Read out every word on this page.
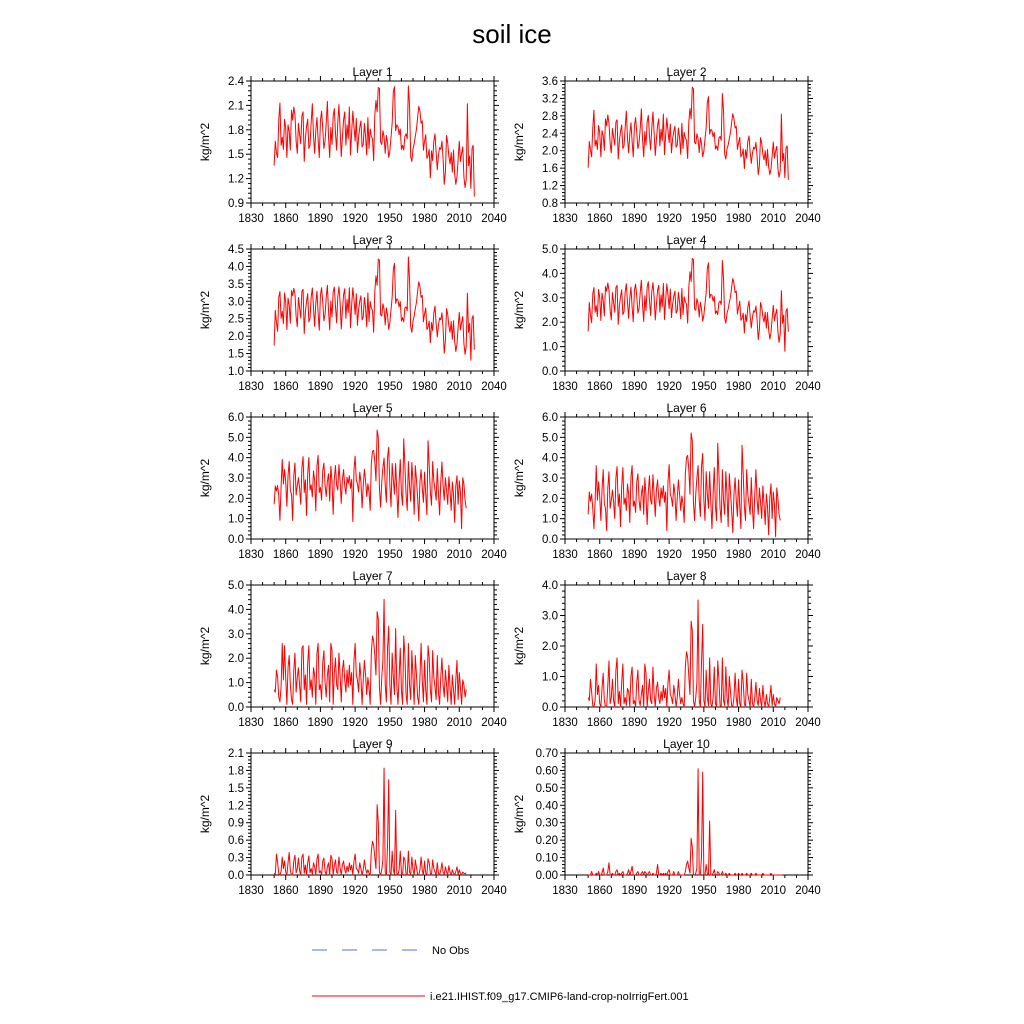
soil ice
Layer 1
1830 1860 1890 1920 1950 1980 2010 2040
0.9
1.2
1.5
1.8
2.1
2.4
kg/m^2
Layer 2
1830 1860 1890 1920 1950 1980 2010 2040
0.8
1.2
1.6
2.0
2.4
2.8
3.2
3.6
kg/m^2
Layer 3
1830 1860 1890 1920 1950 1980 2010 2040
1.0
1.5
2.0
2.5
3.0
3.5
4.0
4.5
kg/m^2
Layer 4
1830 1860 1890 1920 1950 1980 2010 2040
0.0
1.0
2.0
3.0
4.0
5.0
kg/m^2
Layer 5
1830 1860 1890 1920 1950 1980 2010 2040
0.0
1.0
2.0
3.0
4.0
5.0
6.0
kg/m^2
Layer 6
1830 1860 1890 1920 1950 1980 2010 2040
0.0
1.0
2.0
3.0
4.0
5.0
6.0
kg/m^2
Layer 7
1830 1860 1890 1920 1950 1980 2010 2040
0.0
1.0
2.0
3.0
4.0
5.0
kg/m^2
Layer 8
1830 1860 1890 1920 1950 1980 2010 2040
0.0
1.0
2.0
3.0
4.0
kg/m^2
Layer 9
1830 1860 1890 1920 1950 1980 2010 2040
0.0
0.3
0.6
0.9
1.2
1.5
1.8
2.1
kg/m^2
Layer 10
1830 1860 1890 1920 1950 1980 2010 2040
0.00
0.10
0.20
0.30
0.40
0.50
0.60
0.70
kg/m^2
No Obs
i.e21.IHIST.f09_g17.CMIP6-land-crop-noIrrigFert.001
